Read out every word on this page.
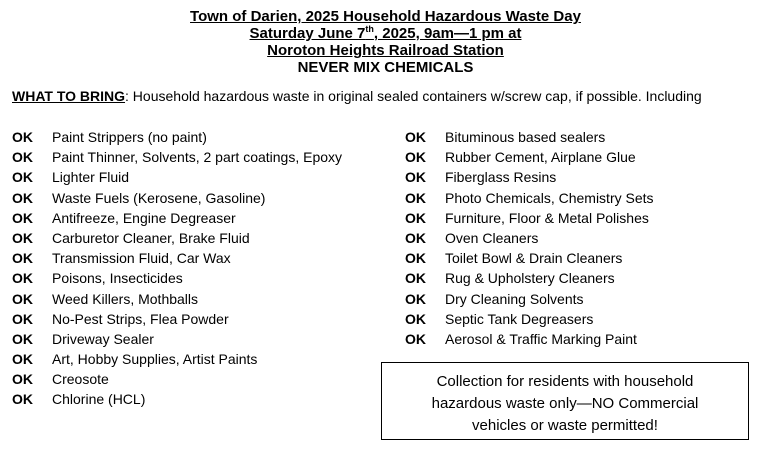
Town of Darien, 2025 Household Hazardous Waste Day
Saturday June 7th, 2025, 9am—1 pm at
Noroton Heights Railroad Station
NEVER MIX CHEMICALS
WHAT TO BRING: Household hazardous waste in original sealed containers w/screw cap, if possible. Including
OK Paint Strippers (no paint)
OK Paint Thinner, Solvents, 2 part coatings, Epoxy
OK Lighter Fluid
OK Waste Fuels (Kerosene, Gasoline)
OK Antifreeze, Engine Degreaser
OK Carburetor Cleaner, Brake Fluid
OK Transmission Fluid, Car Wax
OK Poisons, Insecticides
OK Weed Killers, Mothballs
OK No-Pest Strips, Flea Powder
OK Driveway Sealer
OK Art, Hobby Supplies, Artist Paints
OK Creosote
OK Chlorine (HCL)
OK Bituminous based sealers
OK Rubber Cement, Airplane Glue
OK Fiberglass Resins
OK Photo Chemicals, Chemistry Sets
OK Furniture, Floor & Metal Polishes
OK Oven Cleaners
OK Toilet Bowl & Drain Cleaners
OK Rug & Upholstery Cleaners
OK Dry Cleaning Solvents
OK Septic Tank Degreasers
OK Aerosol & Traffic Marking Paint
Collection for residents with household
hazardous waste only—NO Commercial
vehicles or waste permitted!
